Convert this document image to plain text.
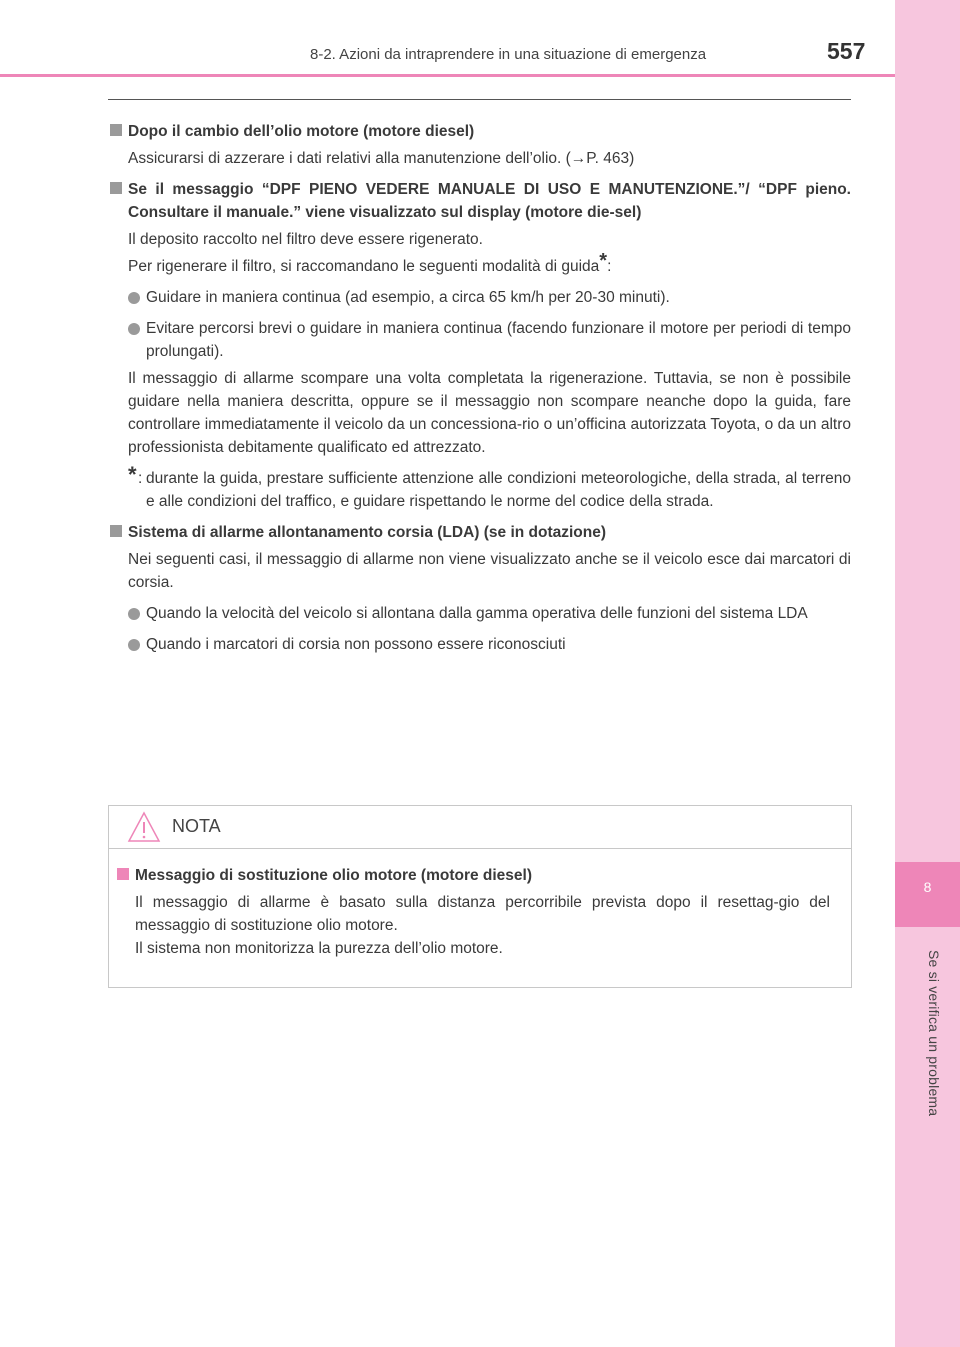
8
Se si verifica un problema
8-2. Azioni da intraprendere in una situazione di emergenza	557
Dopo il cambio dell’olio motore (motore diesel)
Assicurarsi di azzerare i dati relativi alla manutenzione dell’olio. (→P. 463)
Se il messaggio “DPF PIENO VEDERE MANUALE DI USO E MANUTENZIONE.”/ “DPF pieno. Consultare il manuale.” viene visualizzato sul display (motore die-sel)
Il deposito raccolto nel filtro deve essere rigenerato.
Per rigenerare il filtro, si raccomandano le seguenti modalità di guida*:
Guidare in maniera continua (ad esempio, a circa 65 km/h per 20-30 minuti).
Evitare percorsi brevi o guidare in maniera continua (facendo funzionare il motore per periodi di tempo prolungati).
Il messaggio di allarme scompare una volta completata la rigenerazione. Tuttavia, se non è possibile guidare nella maniera descritta, oppure se il messaggio non scompare neanche dopo la guida, fare controllare immediatamente il veicolo da un concessiona-rio o un’officina autorizzata Toyota, o da un altro professionista debitamente qualificato ed attrezzato.
* : durante la guida, prestare sufficiente attenzione alle condizioni meteorologiche, della strada, al terreno e alle condizioni del traffico, e guidare rispettando le norme del codice della strada.
Sistema di allarme allontanamento corsia (LDA) (se in dotazione)
Nei seguenti casi, il messaggio di allarme non viene visualizzato anche se il veicolo esce dai marcatori di corsia.
Quando la velocità del veicolo si allontana dalla gamma operativa delle funzioni del sistema LDA
Quando i marcatori di corsia non possono essere riconosciuti
NOTA
Messaggio di sostituzione olio motore (motore diesel)
Il messaggio di allarme è basato sulla distanza percorribile prevista dopo il resettag-gio del messaggio di sostituzione olio motore.
Il sistema non monitorizza la purezza dell’olio motore.
